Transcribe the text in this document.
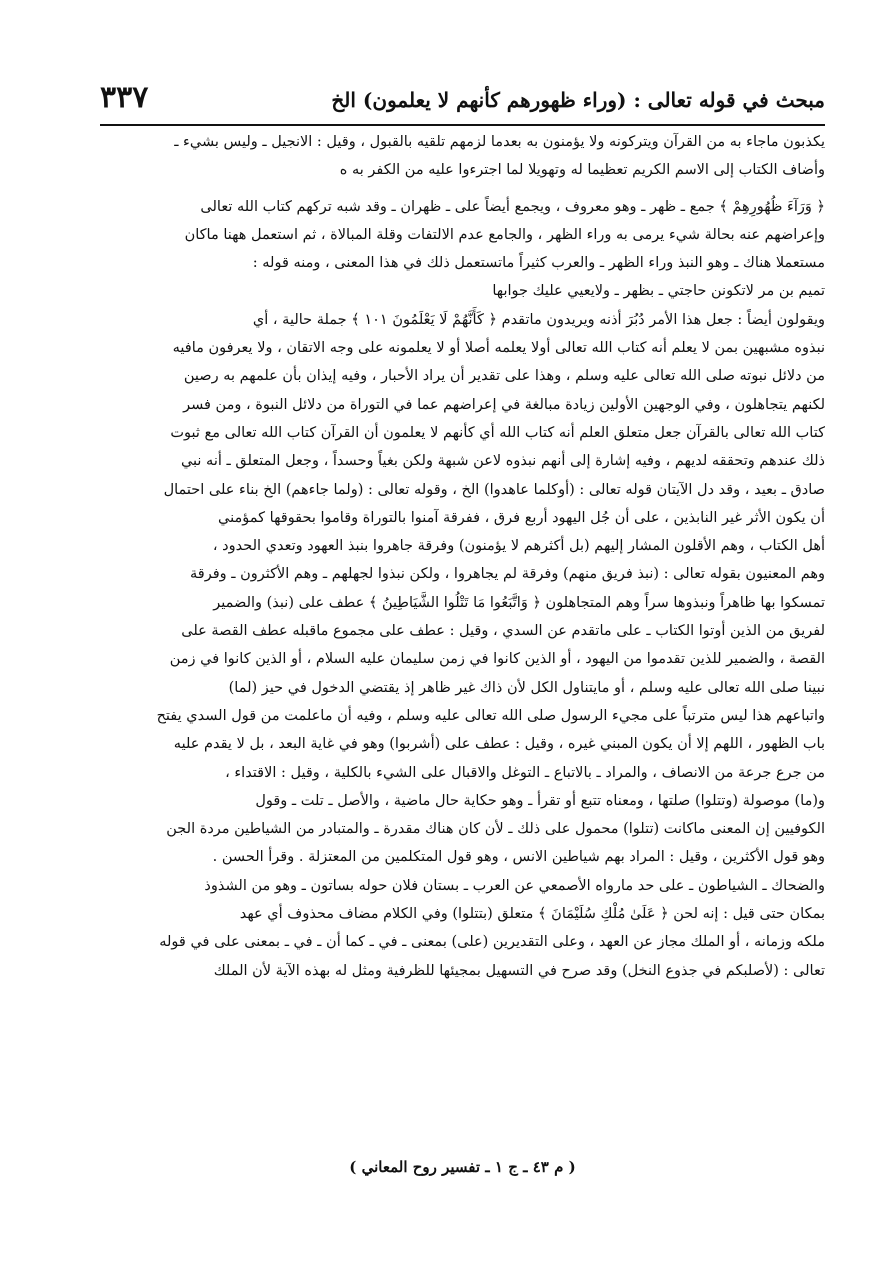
مبحث في قوله تعالى : (وراء ظهورهم كأنهم لا يعلمون) الخ
٣٣٧
يكذبون ماجاء به من القرآن ويتركونه ولا يؤمنون به بعدما لزمهم تلقيه بالقبول ، وقيل : الانجيل ـ وليس بشيء ـ
وأضاف الكتاب إلى الاسم الكريم تعظيما له وتهويلا لما اجترءوا عليه من الكفر به ه
﴿ وَرَآءَ ظُهُورِهِمْ ﴾ جمع ـ ظهر ـ وهو معروف ، ويجمع أيضاً على ـ ظهران ـ وقد شبه تركهم كتاب الله تعالى
وإعراضهم عنه بحالة شيء يرمى به وراء الظهر ، والجامع عدم الالتفات وقلة المبالاة ، ثم استعمل ههنا ماكان
مستعملا هناك ـ وهو النبذ وراء الظهر ـ والعرب كثيراً ماتستعمل ذلك في هذا المعنى ، ومنه قوله :
تميم بن مر لاتكونن حاجتي ـ بظهر ـ ولايعيي عليك جوابها
ويقولون أيضاً : جعل هذا الأمر دُبُرَ أذنه ويريدون ماتقدم ﴿ كَأَنَّهُمْ لَا يَعْلَمُونَ ١٠١ ﴾ جملة حالية ، أي
نبذوه مشبهين بمن لا يعلم أنه كتاب الله تعالى أولا يعلمه أصلا أو لا يعلمونه على وجه الاتقان ، ولا يعرفون مافيه
من دلائل نبوته صلى الله تعالى عليه وسلم ، وهذا على تقدير أن يراد الأحبار ، وفيه إيذان بأن علمهم به رصين
لكنهم يتجاهلون ، وفي الوجهين الأولين زيادة مبالغة في إعراضهم عما في التوراة من دلائل النبوة ، ومن فسر
كتاب الله تعالى بالقرآن جعل متعلق العلم أنه كتاب الله أي كأنهم لا يعلمون أن القرآن كتاب الله تعالى مع ثبوت
ذلك عندهم وتحققه لديهم ، وفيه إشارة إلى أنهم نبذوه لاعن شبهة ولكن بغياً وحسداً ، وجعل المتعلق ـ أنه نبي
صادق ـ بعيد ، وقد دل الآيتان قوله تعالى : (أوكلما عاهدوا) الخ ، وقوله تعالى : (ولما جاءهم) الخ بناء على احتمال
أن يكون الأثر غير النابذين ، على أن جُل اليهود أربع فرق ، ففرقة آمنوا بالتوراة وقاموا بحقوقها كمؤمني
أهل الكتاب ، وهم الأقلون المشار إليهم (بل أكثرهم لا يؤمنون) وفرقة جاهروا بنبذ العهود وتعدي الحدود ،
وهم المعنيون بقوله تعالى : (نبذ فريق منهم) وفرقة لم يجاهروا ، ولكن نبذوا لجهلهم ـ وهم الأكثرون ـ وفرقة
تمسكوا بها ظاهراً ونبذوها سراً وهم المتجاهلون ﴿ وَاتَّبَعُوا مَا تَتْلُوا الشَّيَاطِينُ ﴾ عطف على (نبذ) والضمير
لفريق من الذين أوتوا الكتاب ـ على ماتقدم عن السدي ، وقيل : عطف على مجموع ماقبله عطف القصة على
القصة ، والضمير للذين تقدموا من اليهود ، أو الذين كانوا في زمن سليمان عليه السلام ، أو الذين كانوا في زمن
نبينا صلى الله تعالى عليه وسلم ، أو مايتناول الكل لأن ذاك غير ظاهر إذ يقتضي الدخول في حيز (لما)
واتباعهم هذا ليس مترتباً على مجيء الرسول صلى الله تعالى عليه وسلم ، وفيه أن ماعلمت من قول السدي يفتح
باب الظهور ، اللهم إلا أن يكون المبني غيره ، وقيل : عطف على (أشربوا) وهو في غاية البعد ، بل لا يقدم عليه
من جرع جرعة من الانصاف ، والمراد ـ بالاتباع ـ التوغل والاقبال على الشيء بالكلية ، وقيل : الاقتداء ،
و(ما) موصولة (وتتلوا) صلتها ، ومعناه تتبع أو تقرأ ـ وهو حكاية حال ماضية ، والأصل ـ تلت ـ وقول
الكوفيين إن المعنى ماكانت (تتلوا) محمول على ذلك ـ لأن كان هناك مقدرة ـ والمتبادر من الشياطين مردة الجن
وهو قول الأكثرين ، وقيل : المراد بهم شياطين الانس ، وهو قول المتكلمين من المعتزلة . وقرأ الحسن .
والضحاك ـ الشياطون ـ على حد مارواه الأصمعي عن العرب ـ بستان فلان حوله بساتون ـ وهو من الشذوذ
بمكان حتى قيل : إنه لحن ﴿ عَلَىٰ مُلْكِ سُلَيْمَانَ ﴾ متعلق (بتتلوا) وفي الكلام مضاف محذوف أي عهد
ملكه وزمانه ، أو الملك مجاز عن العهد ، وعلى التقديرين (على) بمعنى ـ في ـ كما أن ـ في ـ بمعنى على في قوله
تعالى : (لأصلبكم في جذوع النخل) وقد صرح في التسهيل بمجيئها للظرفية ومثل له بهذه الآية لأن الملك
( م ٤٣ ـ ج ١ ـ تفسير روح المعاني )
